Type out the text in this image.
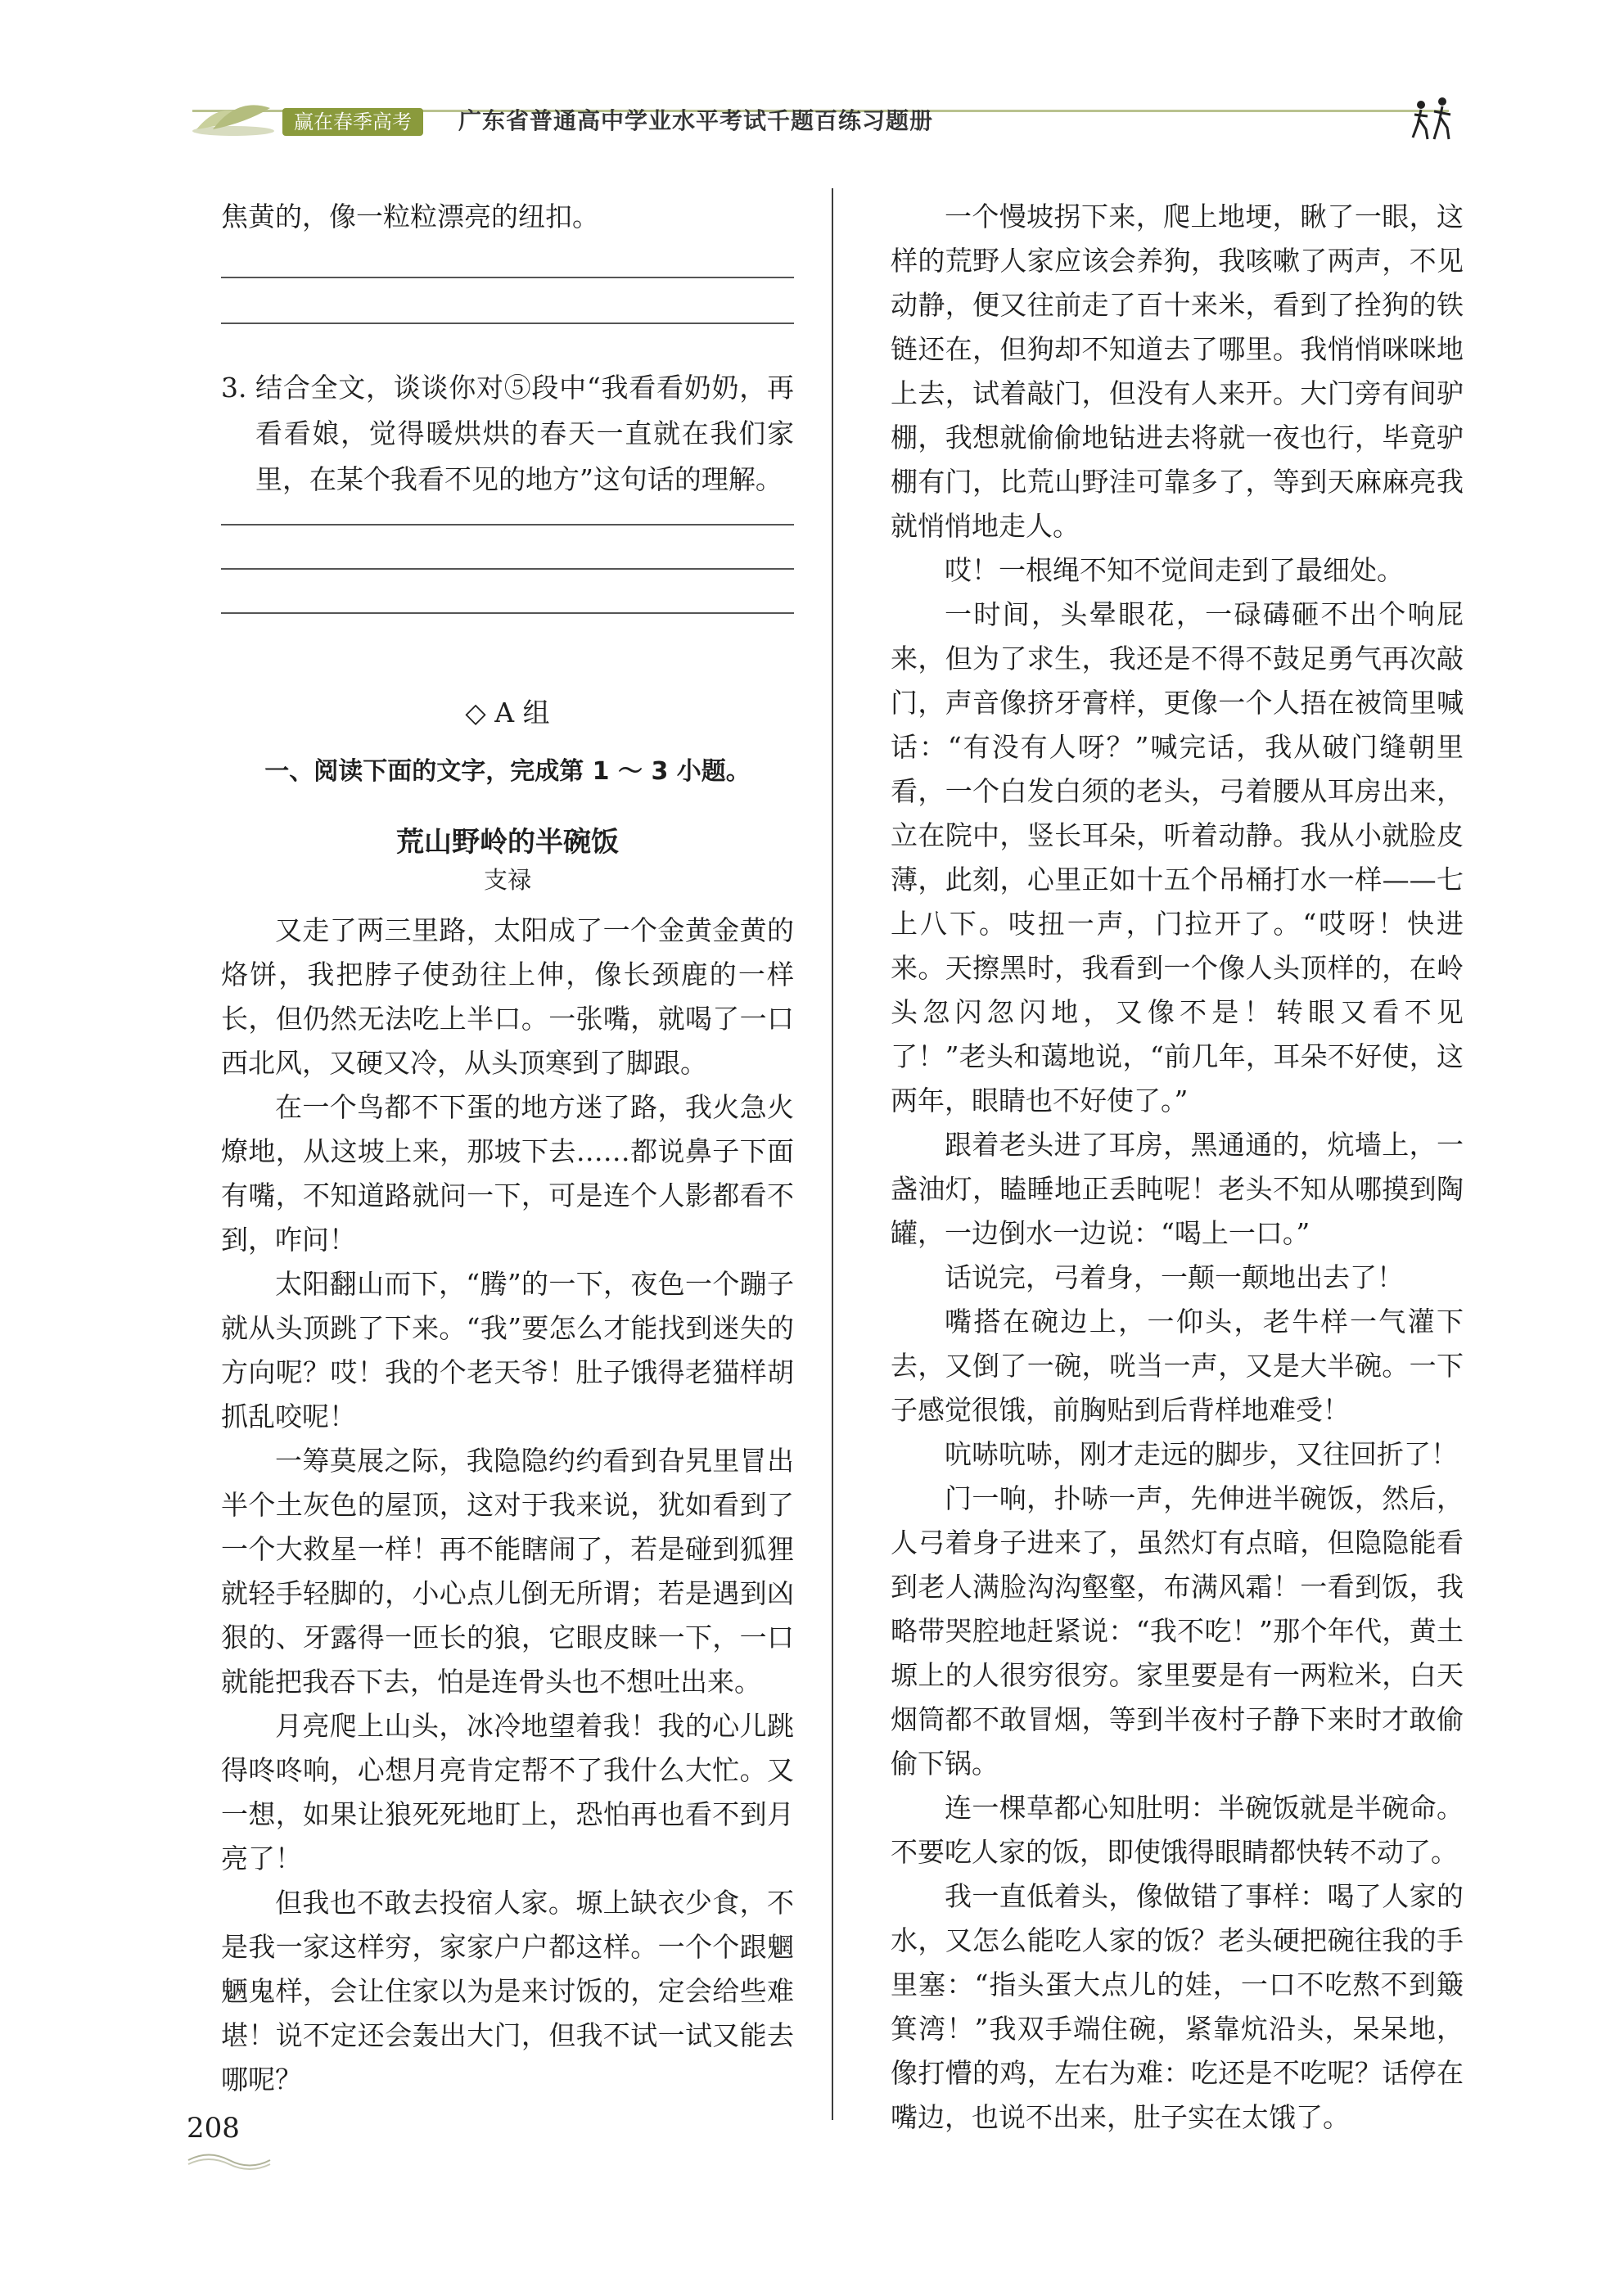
赢在春季高考	广东省普通高中学业水平考试千题百练习题册

焦黄的，像一粒粒漂亮的纽扣。

3. 结合全文，谈谈你对⑤段中“我看看奶奶，再看看娘，觉得暖烘烘的春天一直就在我们家里，在某个我看不见的地方”这句话的理解。
◇ A 组
一、阅读下面的文字，完成第 1 ～ 3 小题。
荒山野岭的半碗饭
支禄

又走了两三里路，太阳成了一个金黄金黄的烙饼，我把脖子使劲往上伸，像长颈鹿的一样长，但仍然无法吃上半口。一张嘴，就喝了一口西北风，又硬又冷，从头顶寒到了脚跟。

在一个鸟都不下蛋的地方迷了路，我火急火燎地，从这坡上来，那坡下去……都说鼻子下面有嘴，不知道路就问一下，可是连个人影都看不到，咋问！

太阳翻山而下，“腾”的一下，夜色一个蹦子就从头顶跳了下来。“我”要怎么才能找到迷失的方向呢？哎！我的个老天爷！肚子饿得老猫样胡抓乱咬呢！

一筹莫展之际，我隐隐约约看到旮旯里冒出半个土灰色的屋顶，这对于我来说，犹如看到了一个大救星一样！再不能瞎闹了，若是碰到狐狸就轻手轻脚的，小心点儿倒无所谓；若是遇到凶狠的、牙露得一匝长的狼，它眼皮睐一下，一口就能把我吞下去，怕是连骨头也不想吐出来。

月亮爬上山头，冰冷地望着我！我的心儿跳得咚咚响，心想月亮肯定帮不了我什么大忙。又一想，如果让狼死死地盯上，恐怕再也看不到月亮了！

但我也不敢去投宿人家。塬上缺衣少食，不是我一家这样穷，家家户户都这样。一个个跟魍魉鬼样，会让住家以为是来讨饭的，定会给些难堪！说不定还会轰出大门，但我不试一试又能去哪呢？

一个慢坡拐下来，爬上地埂，瞅了一眼，这样的荒野人家应该会养狗，我咳嗽了两声，不见动静，便又往前走了百十来米，看到了拴狗的铁链还在，但狗却不知道去了哪里。我悄悄咪咪地上去，试着敲门，但没有人来开。大门旁有间驴棚，我想就偷偷地钻进去将就一夜也行，毕竟驴棚有门，比荒山野洼可靠多了，等到天麻麻亮我就悄悄地走人。

哎！一根绳不知不觉间走到了最细处。

一时间，头晕眼花，一碌碡砸不出个响屁来，但为了求生，我还是不得不鼓足勇气再次敲门，声音像挤牙膏样，更像一个人捂在被筒里喊话：“有没有人呀？”喊完话，我从破门缝朝里看，一个白发白须的老头，弓着腰从耳房出来，立在院中，竖长耳朵，听着动静。我从小就脸皮薄，此刻，心里正如十五个吊桶打水一样——七上八下。吱扭一声，门拉开了。“哎呀！快进来。天擦黑时，我看到一个像人头顶样的，在岭头忽闪忽闪地，又像不是！转眼又看不见了！”老头和蔼地说，“前几年，耳朵不好使，这两年，眼睛也不好使了。”

跟着老头进了耳房，黑通通的，炕墙上，一盏油灯，瞌睡地正丢盹呢！老头不知从哪摸到陶罐，一边倒水一边说：“喝上一口。”

话说完，弓着身，一颠一颠地出去了！

嘴搭在碗边上，一仰头，老牛样一气灌下去，又倒了一碗，咣当一声，又是大半碗。一下子感觉很饿，前胸贴到后背样地难受！

吭哧吭哧，刚才走远的脚步，又往回折了！

门一响，扑哧一声，先伸进半碗饭，然后，人弓着身子进来了，虽然灯有点暗，但隐隐能看到老人满脸沟沟壑壑，布满风霜！一看到饭，我略带哭腔地赶紧说：“我不吃！”那个年代，黄土塬上的人很穷很穷。家里要是有一两粒米，白天烟筒都不敢冒烟，等到半夜村子静下来时才敢偷偷下锅。

连一棵草都心知肚明：半碗饭就是半碗命。不要吃人家的饭，即使饿得眼睛都快转不动了。

我一直低着头，像做错了事样：喝了人家的水，又怎么能吃人家的饭？老头硬把碗往我的手里塞：“指头蛋大点儿的娃，一口不吃熬不到簸箕湾！”我双手端住碗，紧靠炕沿头，呆呆地，像打懵的鸡，左右为难：吃还是不吃呢？话停在嘴边，也说不出来，肚子实在太饿了。

208
